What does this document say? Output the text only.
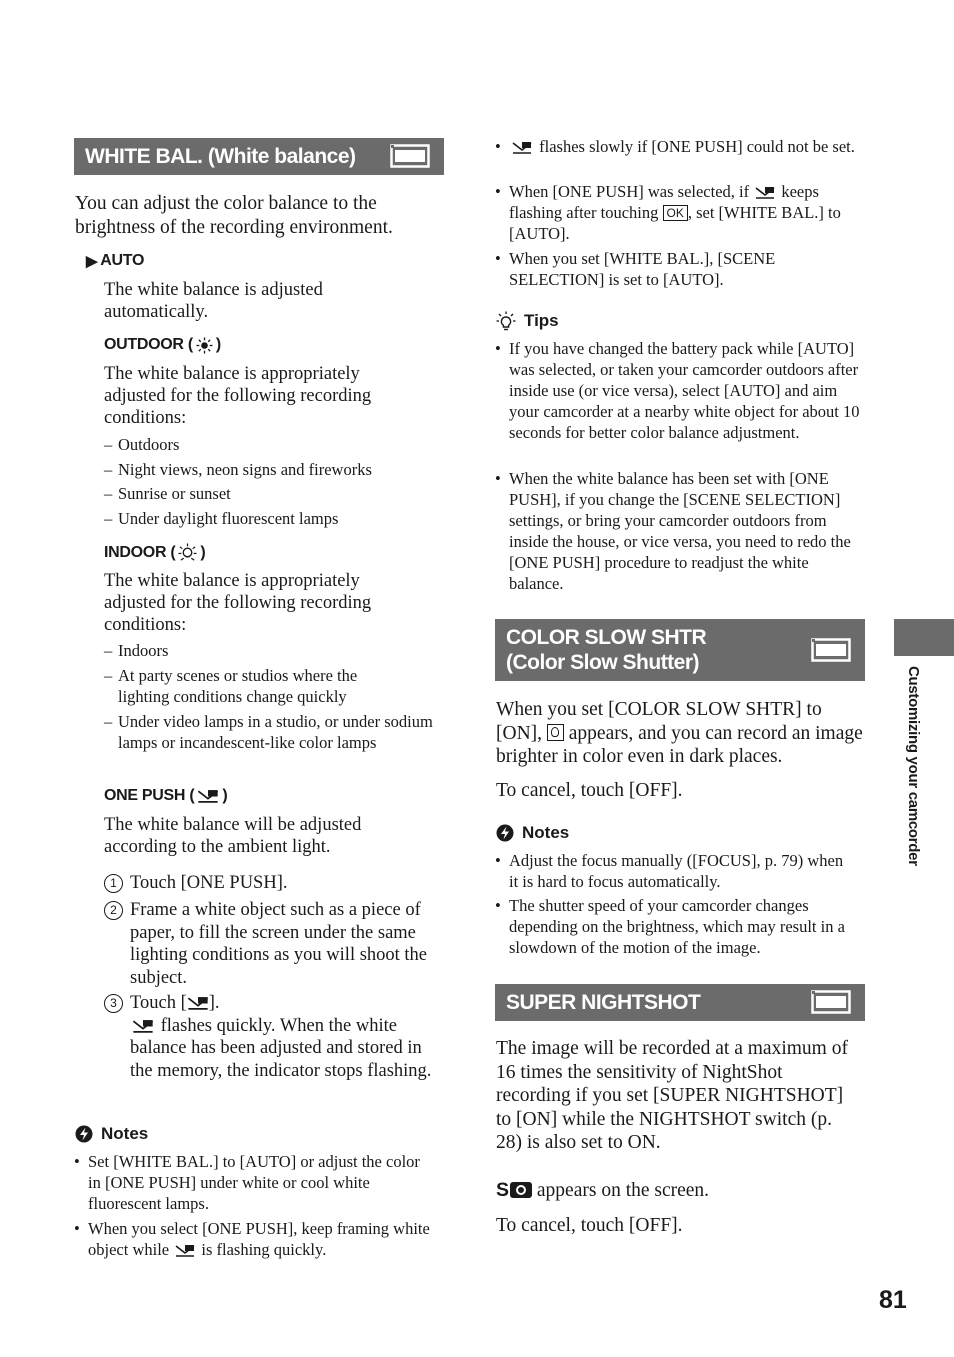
WHITE BAL. (White balance)
You can adjust the color balance to the brightness of the recording environment.
▶ AUTO
The white balance is adjusted automatically.
OUTDOOR ( )
The white balance is appropriately adjusted for the following recording conditions:
– Outdoors
– Night views, neon signs and fireworks
– Sunrise or sunset
– Under daylight fluorescent lamps
INDOOR ( )
The white balance is appropriately adjusted for the following recording conditions:
– Indoors
– At party scenes or studios where the lighting conditions change quickly
– Under video lamps in a studio, or under sodium lamps or incandescent-like color lamps
ONE PUSH ( )
The white balance will be adjusted according to the ambient light.
1 Touch [ONE PUSH].
2 Frame a white object such as a piece of paper, to fill the screen under the same lighting conditions as you will shoot the subject.
3 Touch [ ].
flashes quickly. When the white balance has been adjusted and stored in the memory, the indicator stops flashing.
Notes
• Set [WHITE BAL.] to [AUTO] or adjust the color in [ONE PUSH] under white or cool white fluorescent lamps.
• When you select [ONE PUSH], keep framing white object while is flashing quickly.
• flashes slowly if [ONE PUSH] could not be set.
• When [ONE PUSH] was selected, if keeps flashing after touching OK , set [WHITE BAL.] to [AUTO].
• When you set [WHITE BAL.], [SCENE SELECTION] is set to [AUTO].
Tips
• If you have changed the battery pack while [AUTO] was selected, or taken your camcorder outdoors after inside use (or vice versa), select [AUTO] and aim your camcorder at a nearby white object for about 10 seconds for better color balance adjustment.
• When the white balance has been set with [ONE PUSH], if you change the [SCENE SELECTION] settings, or bring your camcorder outdoors from inside the house, or vice versa, you need to redo the [ONE PUSH] procedure to readjust the white balance.
COLOR SLOW SHTR
(Color Slow Shutter)
When you set [COLOR SLOW SHTR] to [ON], appears, and you can record an image brighter in color even in dark places.
To cancel, touch [OFF].
Notes
• Adjust the focus manually ([FOCUS], p. 79) when it is hard to focus automatically.
• The shutter speed of your camcorder changes depending on the brightness, which may result in a slowdown of the motion of the image.
SUPER NIGHTSHOT
The image will be recorded at a maximum of 16 times the sensitivity of NightShot recording if you set [SUPER NIGHTSHOT] to [ON] while the NIGHTSHOT switch (p. 28) is also set to ON.
S appears on the screen.
To cancel, touch [OFF].
Customizing your camcorder
81
